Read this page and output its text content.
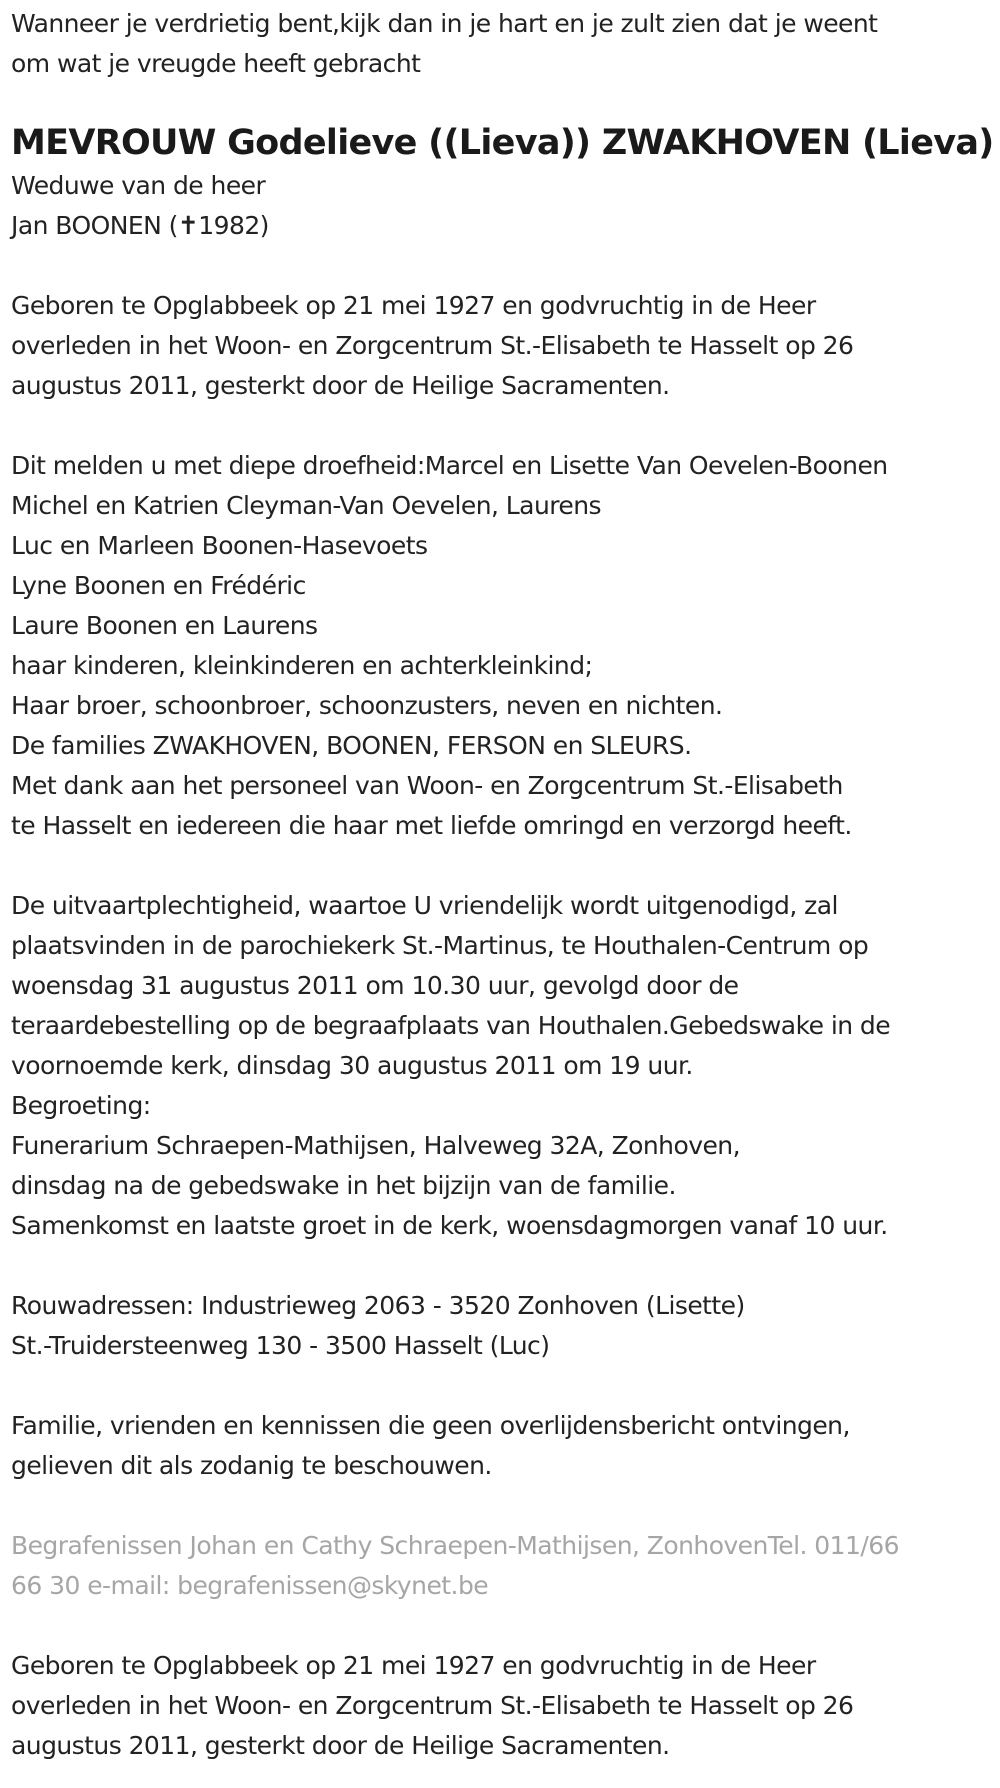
Wanneer je verdrietig bent,kijk dan in je hart en je zult zien dat je weent
om wat je vreugde heeft gebracht
MEVROUW Godelieve ((Lieva)) ZWAKHOVEN (Lieva)
Weduwe van de heer
Jan BOONEN (✝1982)
Geboren te Opglabbeek op 21 mei 1927 en godvruchtig in de Heer
overleden in het Woon- en Zorgcentrum St.-Elisabeth te Hasselt op 26
augustus 2011, gesterkt door de Heilige Sacramenten.
Dit melden u met diepe droefheid:Marcel en Lisette Van Oevelen-Boonen
Michel en Katrien Cleyman-Van Oevelen, Laurens
Luc en Marleen Boonen-Hasevoets
Lyne Boonen en Frédéric
Laure Boonen en Laurens
haar kinderen, kleinkinderen en achterkleinkind;
Haar broer, schoonbroer, schoonzusters, neven en nichten.
De families ZWAKHOVEN, BOONEN, FERSON en SLEURS.
Met dank aan het personeel van Woon- en Zorgcentrum St.-Elisabeth
te Hasselt en iedereen die haar met liefde omringd en verzorgd heeft.
De uitvaartplechtigheid, waartoe U vriendelijk wordt uitgenodigd, zal
plaatsvinden in de parochiekerk St.-Martinus, te Houthalen-Centrum op
woensdag 31 augustus 2011 om 10.30 uur, gevolgd door de
teraardebestelling op de begraafplaats van Houthalen.Gebedswake in de
voornoemde kerk, dinsdag 30 augustus 2011 om 19 uur.
Begroeting:
Funerarium Schraepen-Mathijsen, Halveweg 32A, Zonhoven,
dinsdag na de gebedswake in het bijzijn van de familie.
Samenkomst en laatste groet in de kerk, woensdagmorgen vanaf 10 uur.
Rouwadressen: Industrieweg 2063 - 3520 Zonhoven (Lisette)
St.-Truidersteenweg 130 - 3500 Hasselt (Luc)
Familie, vrienden en kennissen die geen overlijdensbericht ontvingen,
gelieven dit als zodanig te beschouwen.
Begrafenissen Johan en Cathy Schraepen-Mathijsen, ZonhovenTel. 011/66
66 30 e-mail: begrafenissen@skynet.be
Geboren te Opglabbeek op 21 mei 1927 en godvruchtig in de Heer
overleden in het Woon- en Zorgcentrum St.-Elisabeth te Hasselt op 26
augustus 2011, gesterkt door de Heilige Sacramenten.
